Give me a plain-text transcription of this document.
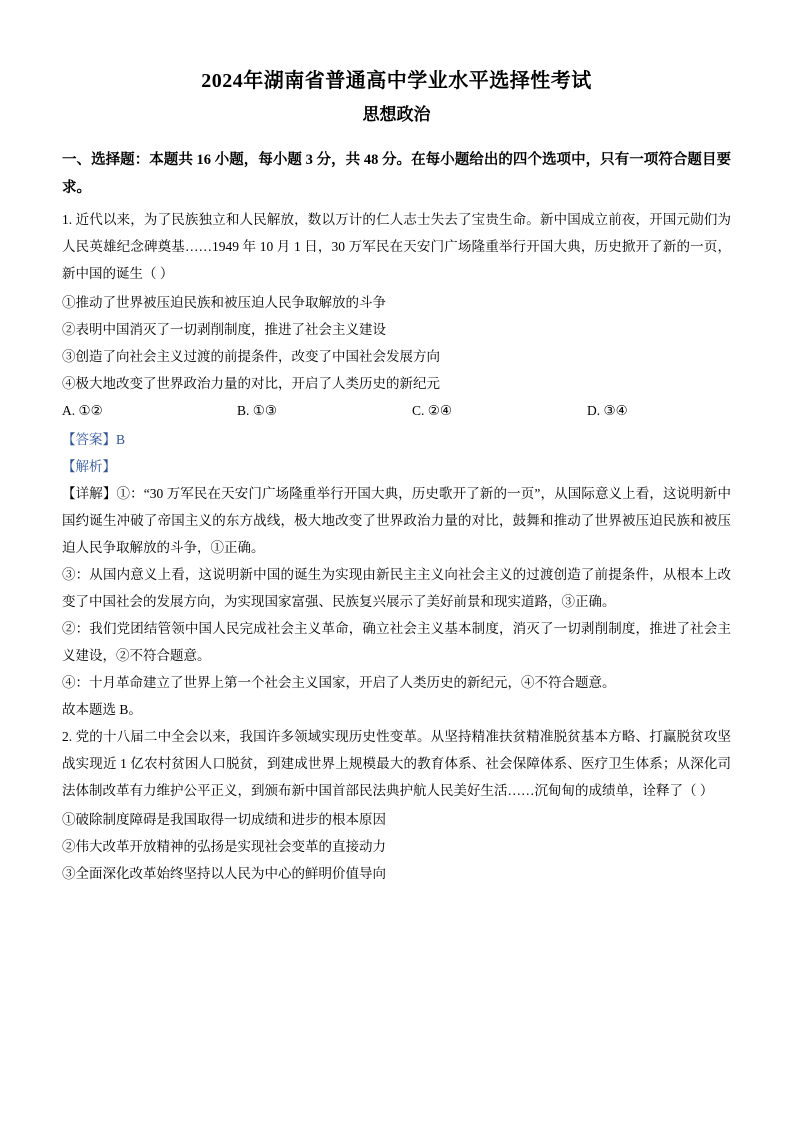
2024年湖南省普通高中学业水平选择性考试
思想政治
一、选择题：本题共 16 小题，每小题 3 分，共 48 分。在每小题给出的四个选项中，只有一项符合题目要求。
1. 近代以来，为了民族独立和人民解放，数以万计的仁人志士失去了宝贵生命。新中国成立前夜，开国元勋们为人民英雄纪念碑奠基……1949 年 10 月 1 日，30 万军民在天安门广场隆重举行开国大典，历史掀开了新的一页，新中国的诞生（ ）
①推动了世界被压迫民族和被压迫人民争取解放的斗争
②表明中国消灭了一切剥削制度，推进了社会主义建设
③创造了向社会主义过渡的前提条件，改变了中国社会发展方向
④极大地改变了世界政治力量的对比，开启了人类历史的新纪元
A. ①②	B. ①③	C. ②④	D. ③④
【答案】B
【解析】
【详解】①：“30 万军民在天安门广场隆重举行开国大典，历史歌开了新的一页”，从国际意义上看，这说明新中国约诞生冲破了帝国主义的东方战线，极大地改变了世界政治力量的对比，鼓舞和推动了世界被压迫民族和被压迫人民争取解放的斗争，①正确。
③：从国内意义上看，这说明新中国的诞生为实现由新民主主义向社会主义的过渡创造了前提条件，从根本上改变了中国社会的发展方向，为实现国家富强、民族复兴展示了美好前景和现实道路，③正确。
②：我们党团结管领中国人民完成社会主义革命，确立社会主义基本制度，消灭了一切剥削制度，推进了社会主义建设，②不符合题意。
④：十月革命建立了世界上第一个社会主义国家，开启了人类历史的新纪元，④不符合题意。
故本题选 B。
2. 党的十八届二中全会以来，我国许多领域实现历史性变革。从坚持精准扶贫精准脱贫基本方略、打赢脱贫攻坚战实现近 1 亿农村贫困人口脱贫，到建成世界上规模最大的教育体系、社会保障体系、医疗卫生体系；从深化司法体制改革有力维护公平正义，到颁布新中国首部民法典护航人民美好生活……沉甸甸的成绩单，诠释了（ ）
①破除制度障碍是我国取得一切成绩和进步的根本原因
②伟大改革开放精神的弘扬是实现社会变革的直接动力
③全面深化改革始终坚持以人民为中心的鲜明价值导向
